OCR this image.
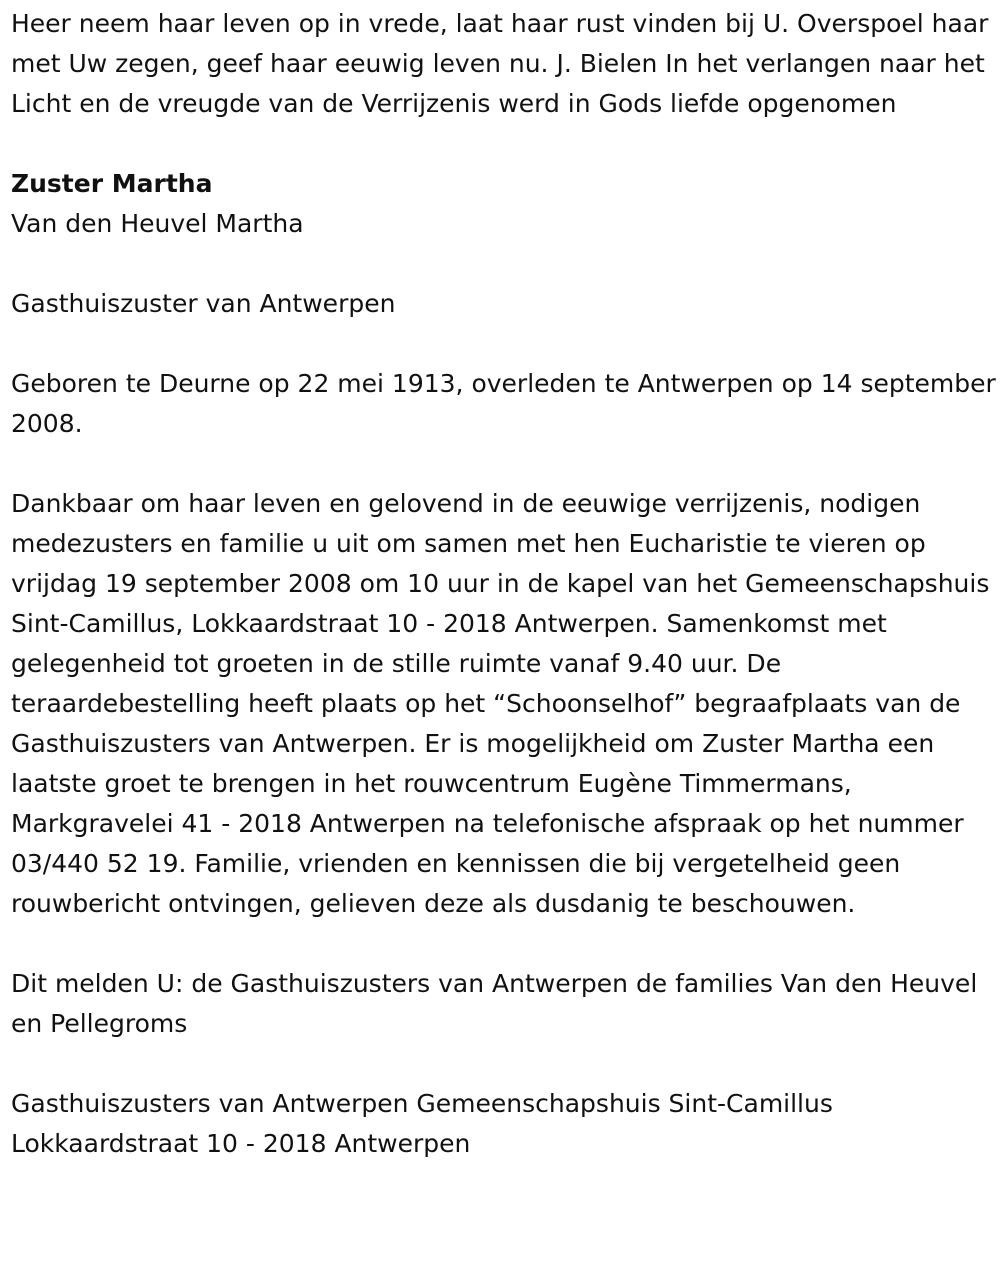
Heer neem haar leven op in vrede, laat haar rust vinden bij U. Overspoel haar met Uw zegen, geef haar eeuwig leven nu. J. Bielen In het verlangen naar het Licht en de vreugde van de Verrijzenis werd in Gods liefde opgenomen

Zuster Martha

Van den Heuvel Martha

Gasthuiszuster van Antwerpen

Geboren te Deurne op 22 mei 1913, overleden te Antwerpen op 14 september 2008.

Dankbaar om haar leven en gelovend in de eeuwige verrijzenis, nodigen medezusters en familie u uit om samen met hen Eucharistie te vieren op vrijdag 19 september 2008 om 10 uur in de kapel van het Gemeenschapshuis Sint-Camillus, Lokkaardstraat 10 - 2018 Antwerpen. Samenkomst met gelegenheid tot groeten in de stille ruimte vanaf 9.40 uur. De teraardebestelling heeft plaats op het “Schoonselhof” begraafplaats van de Gasthuiszusters van Antwerpen. Er is mogelijkheid om Zuster Martha een laatste groet te brengen in het rouwcentrum Eugène Timmermans, Markgravelei 41 - 2018 Antwerpen na telefonische afspraak op het nummer 03/440 52 19. Familie, vrienden en kennissen die bij vergetelheid geen rouwbericht ontvingen, gelieven deze als dusdanig te beschouwen.

Dit melden U: de Gasthuiszusters van Antwerpen de families Van den Heuvel en Pellegroms

Gasthuiszusters van Antwerpen Gemeenschapshuis Sint-Camillus
Lokkaardstraat 10 - 2018 Antwerpen
